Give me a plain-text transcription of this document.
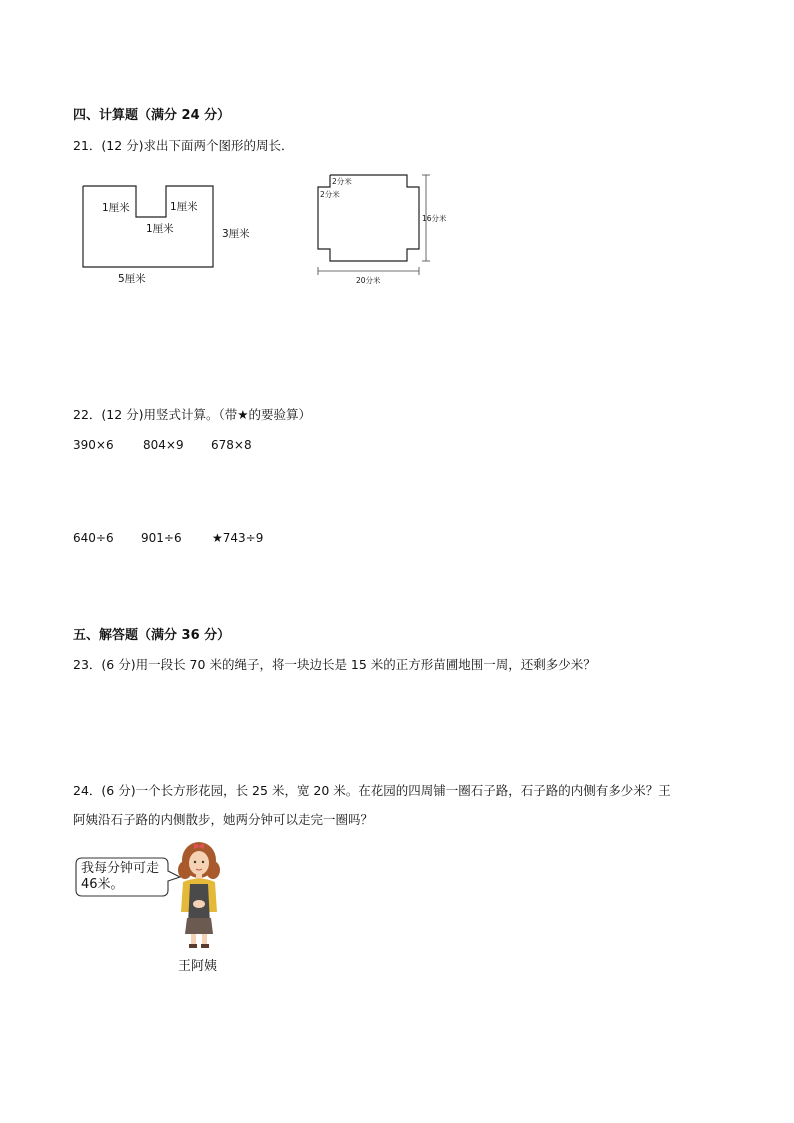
四、计算题（满分 24 分）
21．(12 分)求出下面两个图形的周长．
1厘米	1厘米
1厘米	3厘米
5厘米
2分米
2分米
16分米
20分米
22．(12 分)用竖式计算。（带★的要验算）
390×6 804×9 678×8
640÷6 901÷6	★743÷9
五、解答题（满分 36 分）
23．(6 分)用一段长 70 米的绳子，将一块边长是 15 米的正方形苗圃地围一周，还剩多少米？
24．(6 分)一个长方形花园，长 25 米，宽 20 米。在花园的四周铺一圈石子路，石子路的内侧有多少米？王
阿姨沿石子路的内侧散步，她两分钟可以走完一圈吗？
我每分钟可走
46米。
王阿姨
